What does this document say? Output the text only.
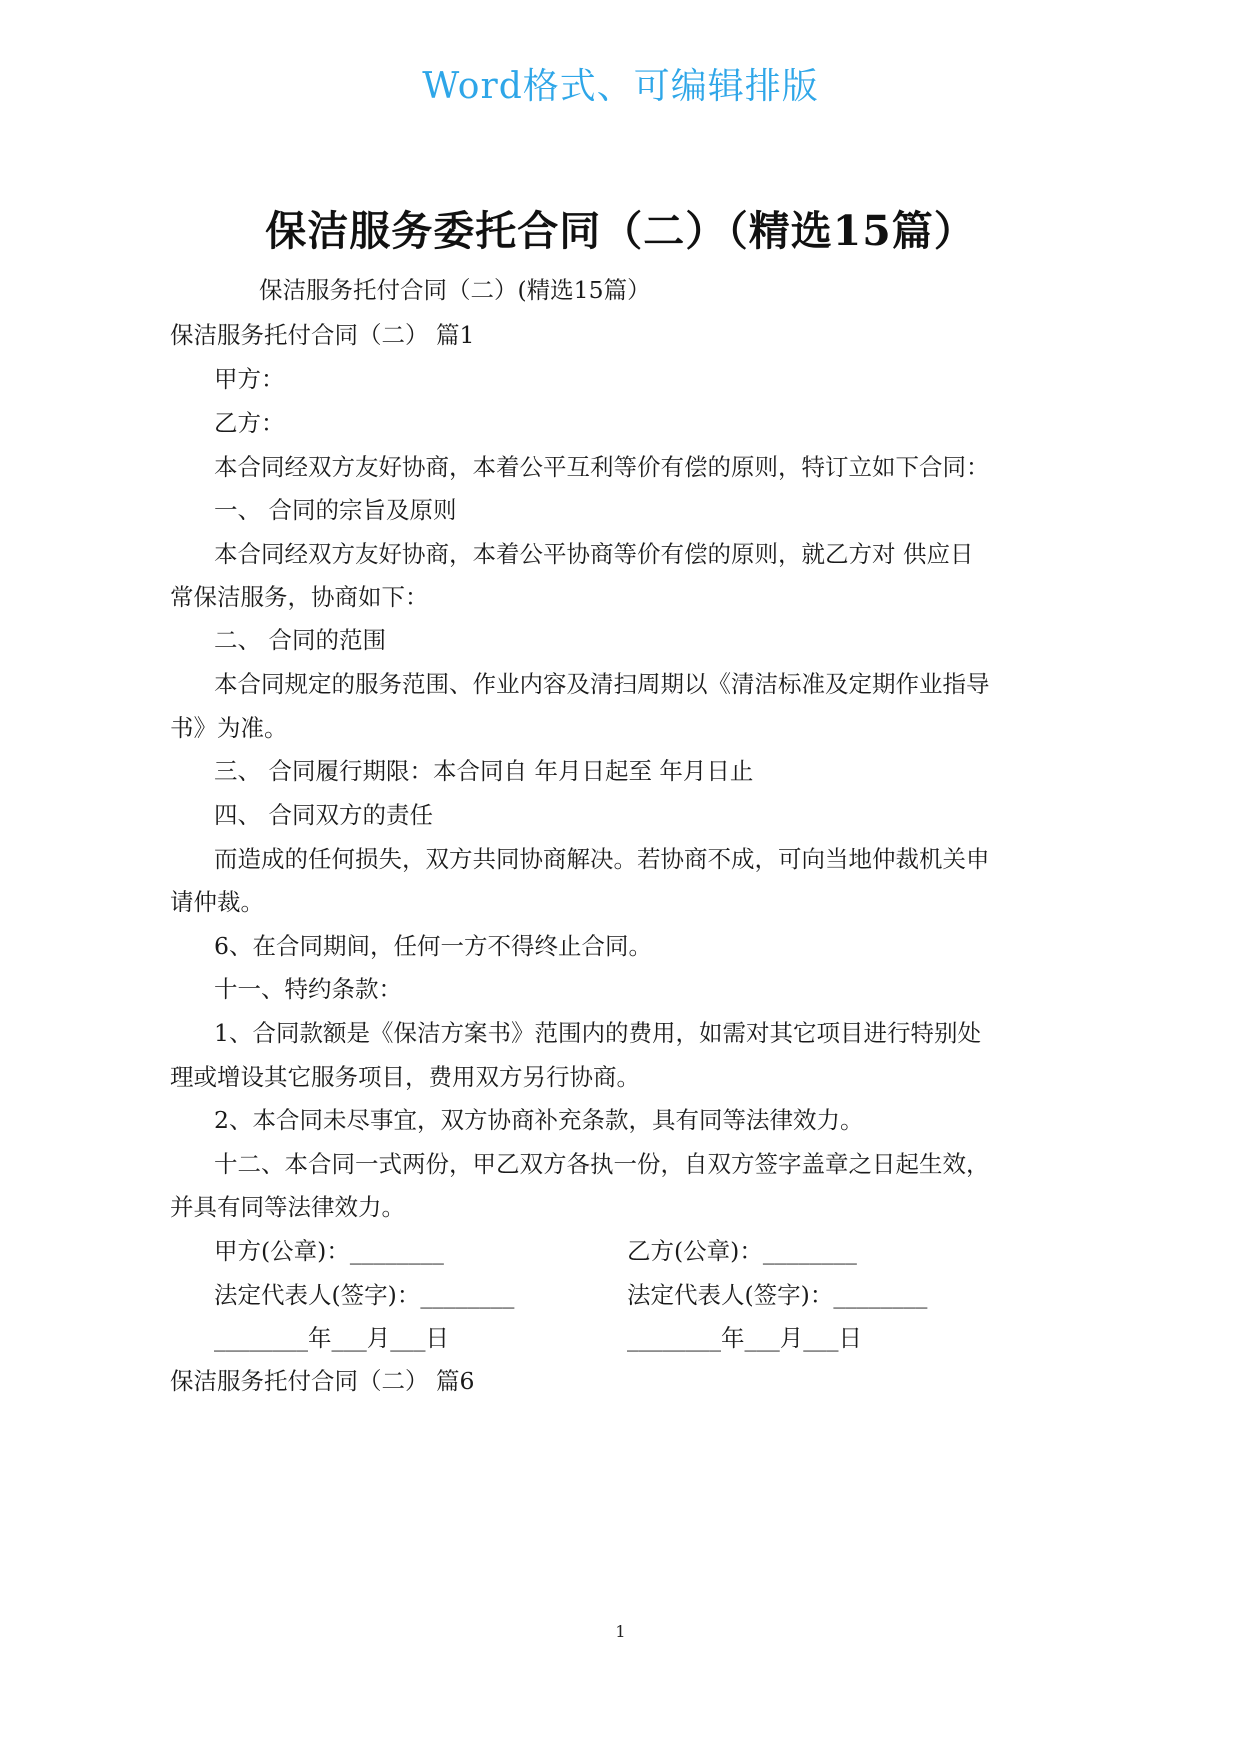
Word格式、可编辑排版
保洁服务委托合同（二）（精选15篇）
保洁服务托付合同（二）(精选15篇）
保洁服务托付合同（二） 篇1
甲方：
乙方：
本合同经双方友好协商，本着公平互利等价有偿的原则，特订立如下合同：
一、 合同的宗旨及原则
本合同经双方友好协商，本着公平协商等价有偿的原则，就乙方对 供应日
常保洁服务，协商如下：
二、 合同的范围
本合同规定的服务范围、作业内容及清扫周期以《清洁标准及定期作业指导
书》为准。
三、 合同履行期限：本合同自 年月日起至 年月日止
四、 合同双方的责任
而造成的任何损失，双方共同协商解决。若协商不成，可向当地仲裁机关申
请仲裁。
6、在合同期间，任何一方不得终止合同。
十一、特约条款：
1、合同款额是《保洁方案书》范围内的费用，如需对其它项目进行特别处
理或增设其它服务项目，费用双方另行协商。
2、本合同未尽事宜，双方协商补充条款，具有同等法律效力。
十二、本合同一式两份，甲乙双方各执一份，自双方签字盖章之日起生效，
并具有同等法律效力。
甲方(公章)：________	乙方(公章)：________
法定代表人(签字)：________	法定代表人(签字)：________
________年___月___日	________年___月___日
保洁服务托付合同（二） 篇6
1
